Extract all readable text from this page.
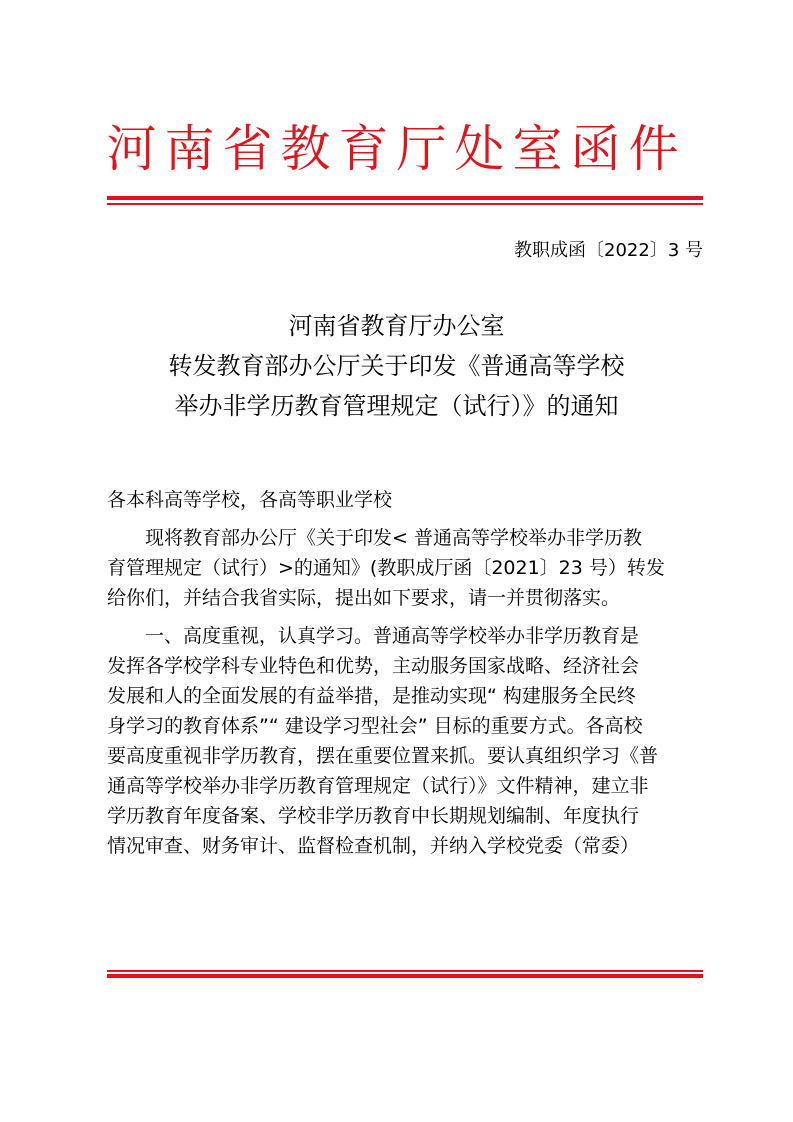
河南省教育厅处室函件
教职成函〔2022〕3 号
河南省教育厅办公室
转发教育部办公厅关于印发《普通高等学校
举办非学历教育管理规定（试行）》的通知
各本科高等学校，各高等职业学校
现将教育部办公厅《关于印发< 普通高等学校举办非学历教
育管理规定（试行）>的通知》(教职成厅函〔2021〕23 号）转发
给你们，并结合我省实际，提出如下要求，请一并贯彻落实。
一、高度重视，认真学习。普通高等学校举办非学历教育是
发挥各学校学科专业特色和优势，主动服务国家战略、经济社会
发展和人的全面发展的有益举措，是推动实现“ 构建服务全民终
身学习的教育体系”“ 建设学习型社会” 目标的重要方式。各高校
要高度重视非学历教育，摆在重要位置来抓。要认真组织学习《普
通高等学校举办非学历教育管理规定（试行）》文件精神，建立非
学历教育年度备案、学校非学历教育中长期规划编制、年度执行
情况审查、财务审计、监督检查机制，并纳入学校党委（常委）
